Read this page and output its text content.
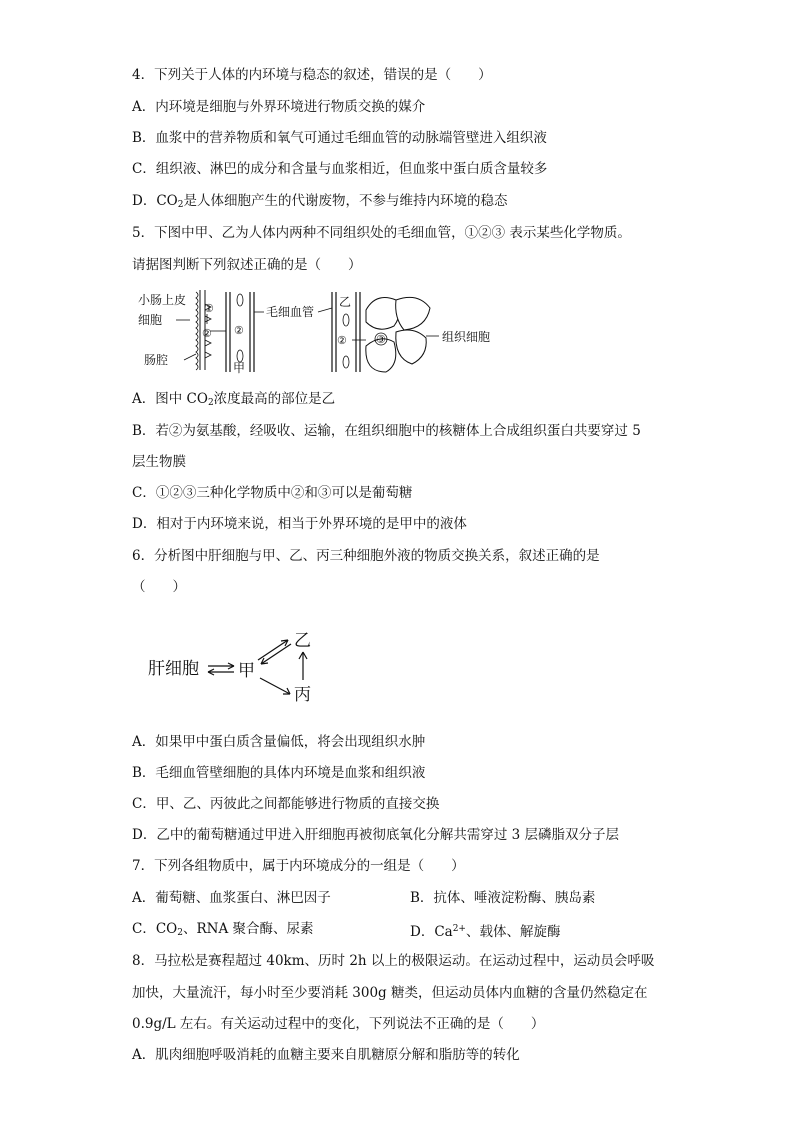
4．下列关于人体的内环境与稳态的叙述，错误的是（　　）
A．内环境是细胞与外界环境进行物质交换的媒介
B．血浆中的营养物质和氧气可通过毛细血管的动脉端管壁进入组织液
C．组织液、淋巴的成分和含量与血浆相近，但血浆中蛋白质含量较多
D．$CO_2$是人体细胞产生的代谢废物，不参与维持内环境的稳态
5．下图中甲、乙为人体内两种不同组织处的毛细血管，①②③ 表示某些化学物质。
请据图判断下列叙述正确的是（　　）
小肠上皮
细胞
肠腔
①
② ②
甲
毛细血管
乙
②	③	组织细胞
A．图中 $CO_2$浓度最高的部位是乙
B．若②为氨基酸，经吸收、运输，在组织细胞中的核糖体上合成组织蛋白共要穿过 5
层生物膜
C．①②③三种化学物质中②和③可以是葡萄糖
D．相对于内环境来说，相当于外界环境的是甲中的液体
6．分析图中肝细胞与甲、乙、丙三种细胞外液的物质交换关系，叙述正确的是
（　　）
肝细胞 甲
乙
丙
A．如果甲中蛋白质含量偏低，将会出现组织水肿
B．毛细血管壁细胞的具体内环境是血浆和组织液
C．甲、乙、丙彼此之间都能够进行物质的直接交换
D．乙中的葡萄糖通过甲进入肝细胞再被彻底氧化分解共需穿过 3 层磷脂双分子层
7．下列各组物质中，属于内环境成分的一组是（　　）
A．葡萄糖、血浆蛋白、淋巴因子	B．抗体、唾液淀粉酶、胰岛素
C．$CO_2$、RNA 聚合酶、尿素	D．$Ca^{2+}$、载体、解旋酶
8．马拉松是赛程超过 40km、历时 2h 以上的极限运动。在运动过程中，运动员会呼吸
加快，大量流汗，每小时至少要消耗 300g 糖类，但运动员体内血糖的含量仍然稳定在
0.9g/L 左右。有关运动过程中的变化，下列说法不正确的是（　　）
A．肌肉细胞呼吸消耗的血糖主要来自肌糖原分解和脂肪等的转化
